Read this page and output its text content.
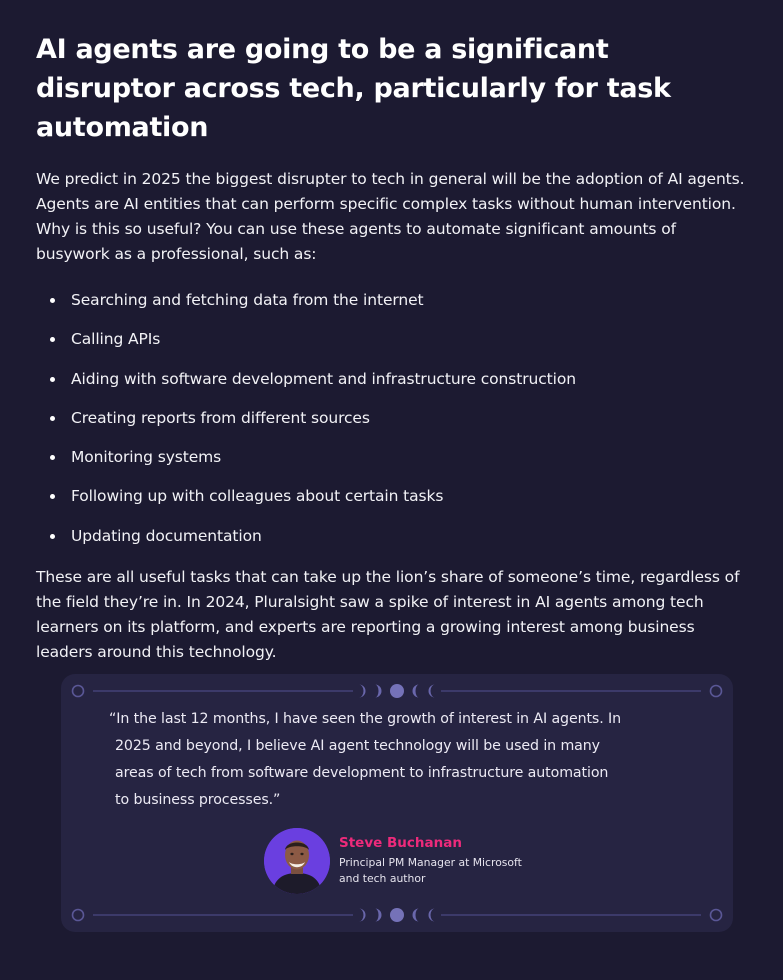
AI agents are going to be a significant disruptor across tech, particularly for task automation

We predict in 2025 the biggest disrupter to tech in general will be the adoption of AI agents. Agents are AI entities that can perform specific complex tasks without human intervention. Why is this so useful? You can use these agents to automate significant amounts of busywork as a professional, such as:

Searching and fetching data from the internet
Calling APIs
Aiding with software development and infrastructure construction
Creating reports from different sources
Monitoring systems
Following up with colleagues about certain tasks
Updating documentation

These are all useful tasks that can take up the lion’s share of someone’s time, regardless of the field they’re in. In 2024, Pluralsight saw a spike of interest in AI agents among tech learners on its platform, and experts are reporting a growing interest among business leaders around this technology.

“In the last 12 months, I have seen the growth of interest in AI agents. In
2025 and beyond, I believe AI agent technology will be used in many
areas of tech from software development to infrastructure automation
to business processes.”
Steve Buchanan
Principal PM Manager at Microsoft
and tech author
